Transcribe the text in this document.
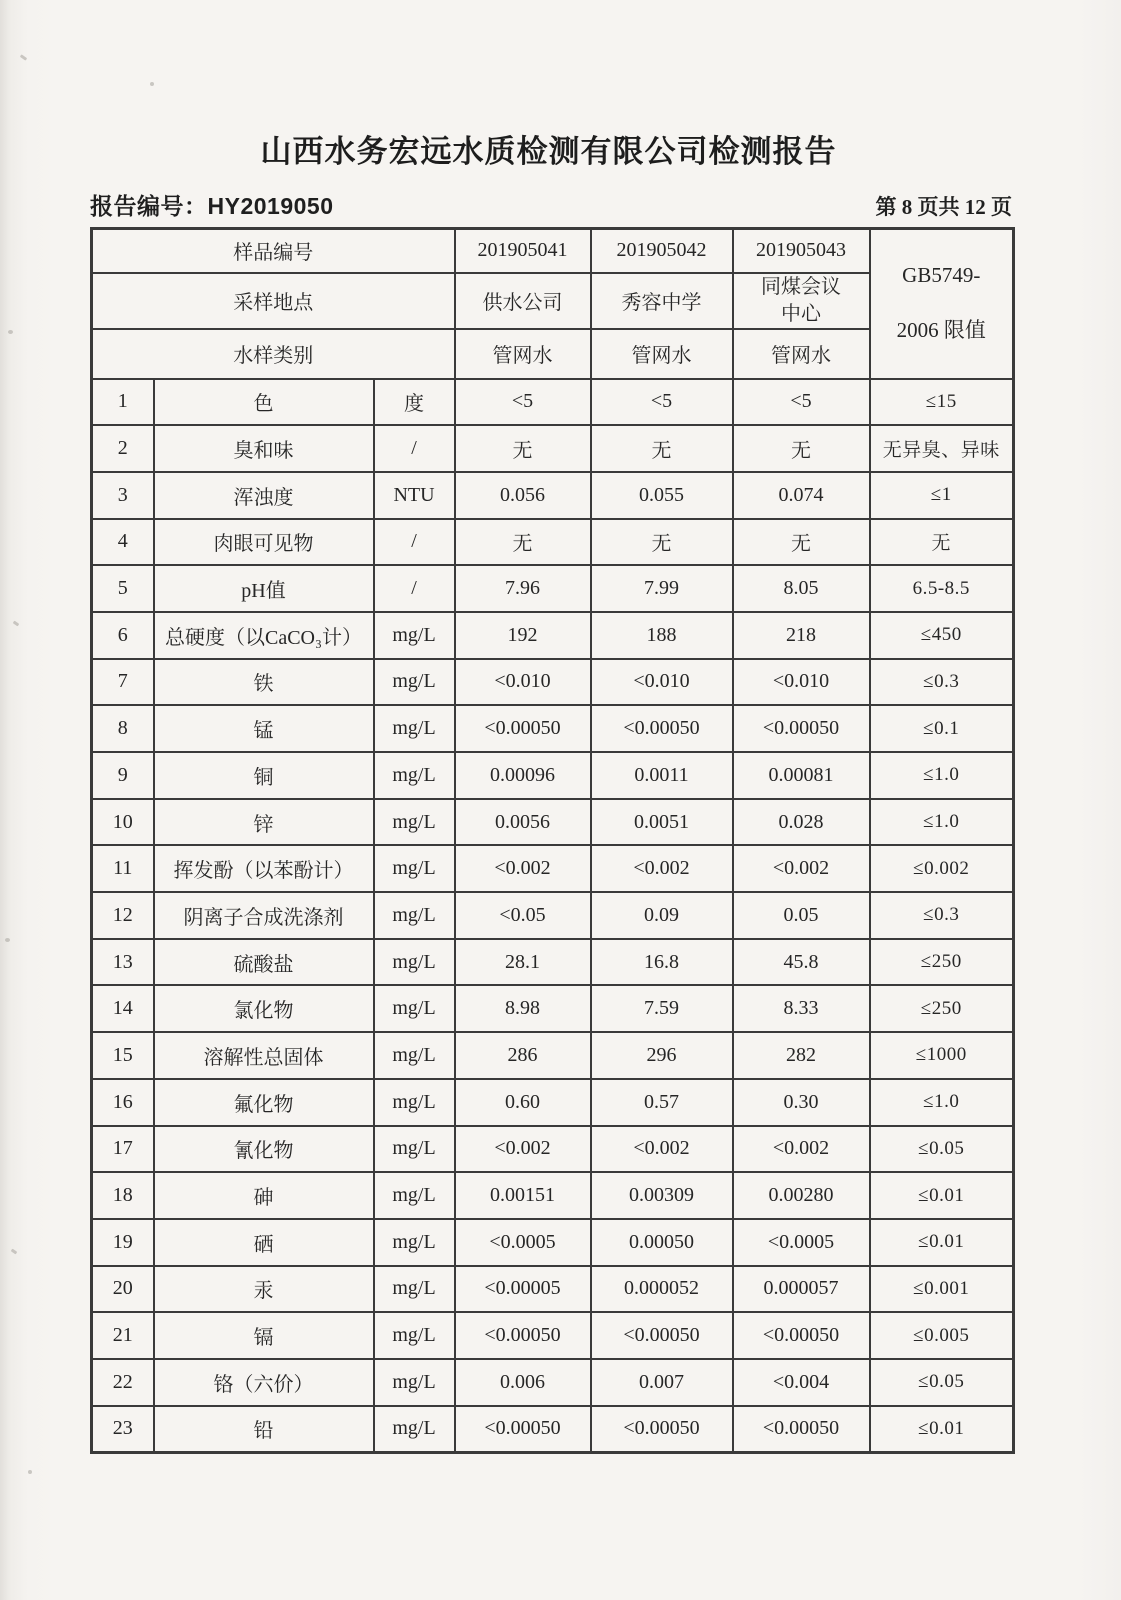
山西水务宏远水质检测有限公司检测报告
报告编号：HY2019050	第 8 页共 12 页
样品编号			201905041	201905042	201905043	GB5749-
2006 限值

采样地点			供水公司	秀容中学	同煤会议中心	
水样类别			管网水	管网水	管网水	
1	色	度	<5	<5	<5	≤15
2	臭和味	/	无	无	无	无异臭、异味
3	浑浊度	NTU	0.056	0.055	0.074	≤1
4	肉眼可见物	/	无	无	无	无
5	pH值	/	7.96	7.99	8.05	6.5-8.5
6	总硬度（以CaCO₃计）	mg/L	192	188	218	≤450
7	铁	mg/L	<0.010	<0.010	<0.010	≤0.3
8	锰	mg/L	<0.00050	<0.00050	<0.00050	≤0.1
9	铜	mg/L	0.00096	0.0011	0.00081	≤1.0
10	锌	mg/L	0.0056	0.0051	0.028	≤1.0
11	挥发酚（以苯酚计）	mg/L	<0.002	<0.002	<0.002	≤0.002
12	阴离子合成洗涤剂	mg/L	<0.05	0.09	0.05	≤0.3
13	硫酸盐	mg/L	28.1	16.8	45.8	≤250
14	氯化物	mg/L	8.98	7.59	8.33	≤250
15	溶解性总固体	mg/L	286	296	282	≤1000
16	氟化物	mg/L	0.60	0.57	0.30	≤1.0
17	氰化物	mg/L	<0.002	<0.002	<0.002	≤0.05
18	砷	mg/L	0.00151	0.00309	0.00280	≤0.01
19	硒	mg/L	<0.0005	0.00050	<0.0005	≤0.01
20	汞	mg/L	<0.00005	0.000052	0.000057	≤0.001
21	镉	mg/L	<0.00050	<0.00050	<0.00050	≤0.005
22	铬（六价）	mg/L	0.006	0.007	<0.004	≤0.05
23	铅	mg/L	<0.00050	<0.00050	<0.00050	≤0.01
